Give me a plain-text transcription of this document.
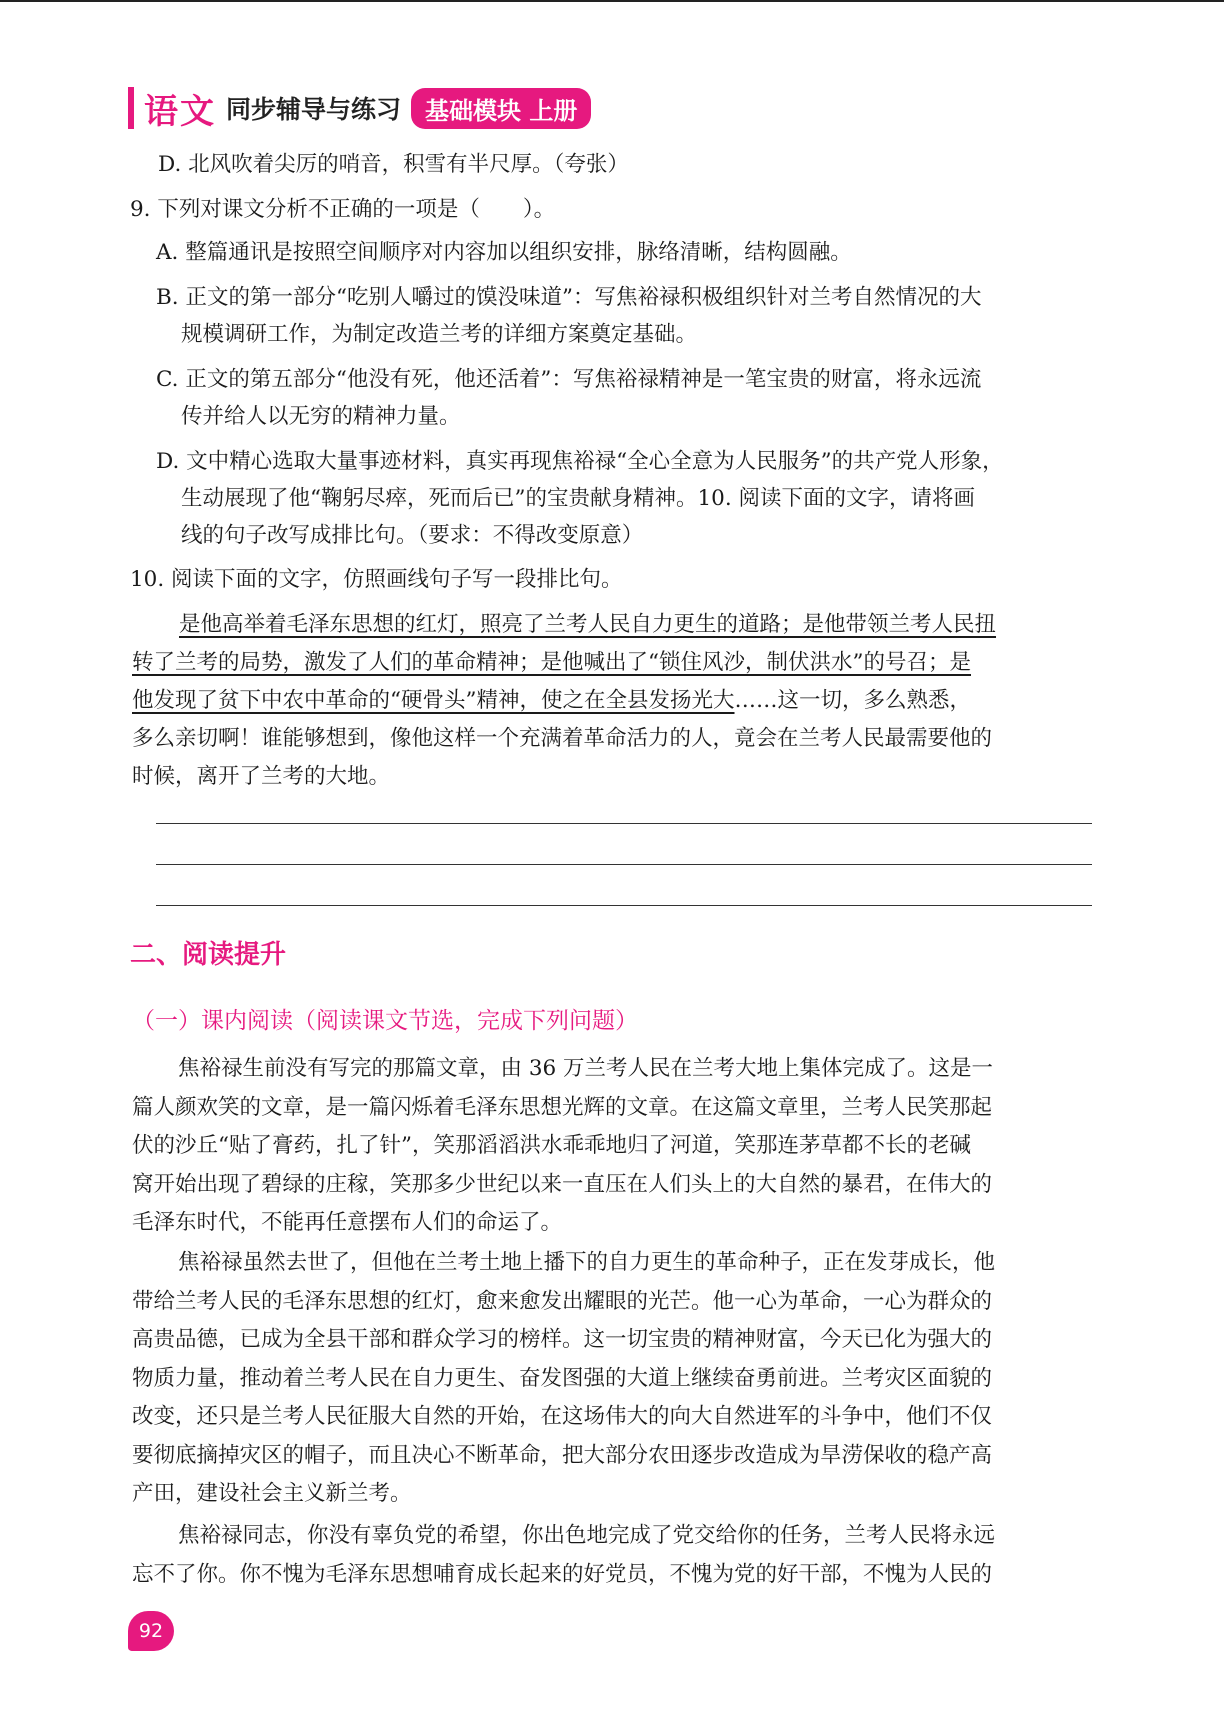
语文 同步辅导与练习	基础模块 上册
D. 北风吹着尖厉的哨音，积雪有半尺厚。（夸张）
9. 下列对课文分析不正确的一项是（　　）。
A. 整篇通讯是按照空间顺序对内容加以组织安排，脉络清晰，结构圆融。
B. 正文的第一部分“吃别人嚼过的馍没味道”：写焦裕禄积极组织针对兰考自然情况的大
规模调研工作，为制定改造兰考的详细方案奠定基础。
C. 正文的第五部分“他没有死，他还活着”：写焦裕禄精神是一笔宝贵的财富，将永远流
传并给人以无穷的精神力量。
D. 文中精心选取大量事迹材料，真实再现焦裕禄“全心全意为人民服务”的共产党人形象，
生动展现了他“鞠躬尽瘁，死而后已”的宝贵献身精神。10. 阅读下面的文字，请将画
线的句子改写成排比句。（要求：不得改变原意）
10. 阅读下面的文字，仿照画线句子写一段排比句。
是他高举着毛泽东思想的红灯，照亮了兰考人民自力更生的道路；是他带领兰考人民扭
转了兰考的局势，激发了人们的革命精神；是他喊出了“锁住风沙，制伏洪水”的号召；是
他发现了贫下中农中革命的“硬骨头”精神，使之在全县发扬光大……这一切，多么熟悉，
多么亲切啊！谁能够想到，像他这样一个充满着革命活力的人，竟会在兰考人民最需要他的
时候，离开了兰考的大地。
二、阅读提升
（一）课内阅读（阅读课文节选，完成下列问题）
焦裕禄生前没有写完的那篇文章，由 36 万兰考人民在兰考大地上集体完成了。这是一
篇人颜欢笑的文章，是一篇闪烁着毛泽东思想光辉的文章。在这篇文章里，兰考人民笑那起
伏的沙丘“贴了膏药，扎了针”，笑那滔滔洪水乖乖地归了河道，笑那连茅草都不长的老碱
窝开始出现了碧绿的庄稼，笑那多少世纪以来一直压在人们头上的大自然的暴君，在伟大的
毛泽东时代，不能再任意摆布人们的命运了。
焦裕禄虽然去世了，但他在兰考土地上播下的自力更生的革命种子，正在发芽成长，他
带给兰考人民的毛泽东思想的红灯，愈来愈发出耀眼的光芒。他一心为革命，一心为群众的
高贵品德，已成为全县干部和群众学习的榜样。这一切宝贵的精神财富，今天已化为强大的
物质力量，推动着兰考人民在自力更生、奋发图强的大道上继续奋勇前进。兰考灾区面貌的
改变，还只是兰考人民征服大自然的开始，在这场伟大的向大自然进军的斗争中，他们不仅
要彻底摘掉灾区的帽子，而且决心不断革命，把大部分农田逐步改造成为旱涝保收的稳产高
产田，建设社会主义新兰考。
焦裕禄同志，你没有辜负党的希望，你出色地完成了党交给你的任务，兰考人民将永远
忘不了你。你不愧为毛泽东思想哺育成长起来的好党员，不愧为党的好干部，不愧为人民的
92
